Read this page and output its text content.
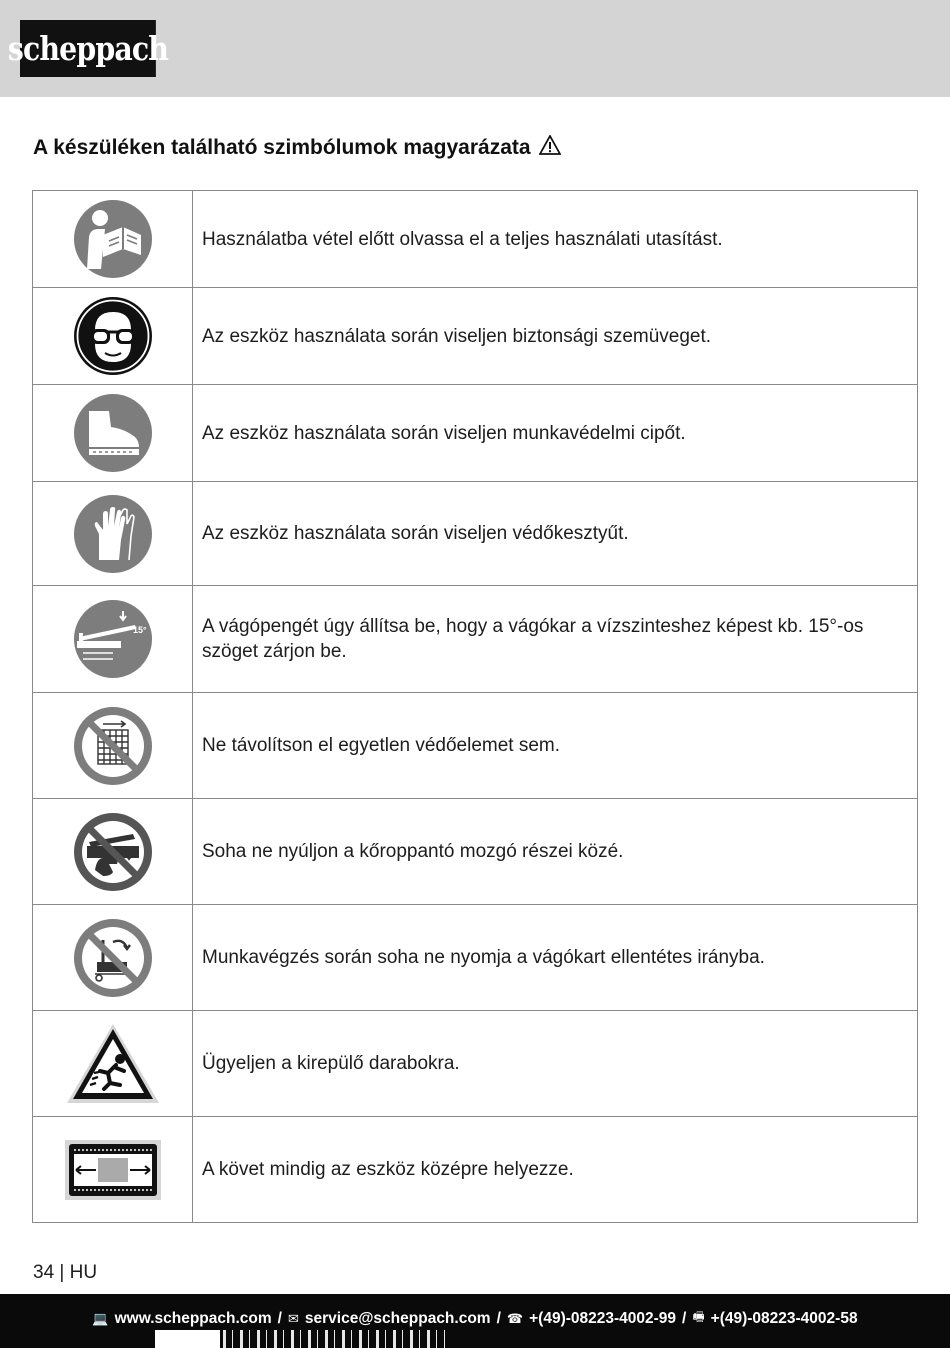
scheppach
A készüléken található szimbólumok magyarázata
	Használatba vétel előtt olvassa el a teljes használati utasítást.

	Az eszköz használata során viseljen biztonsági szemüveget.

	Az eszköz használata során viseljen munkavédelmi cipőt.

	Az eszköz használata során viseljen védőkesztyűt.

15°	A vágópengét úgy állítsa be, hogy a vágókar a vízszinteshez képest kb. 15°-os szöget zárjon be.

	Ne távolítson el egyetlen védőelemet sem.

	Soha ne nyúljon a kőroppantó mozgó részei közé.

	Munkavégzés során soha ne nyomja a vágókart ellentétes irányba.

	Ügyeljen a kirepülő darabokra.

	A követ mindig az eszköz középre helyezze.
34 | HU
💻 www.scheppach.com / ✉ service@scheppach.com / ☎ +(49)-08223-4002-99 / 🖷 +(49)-08223-4002-58
